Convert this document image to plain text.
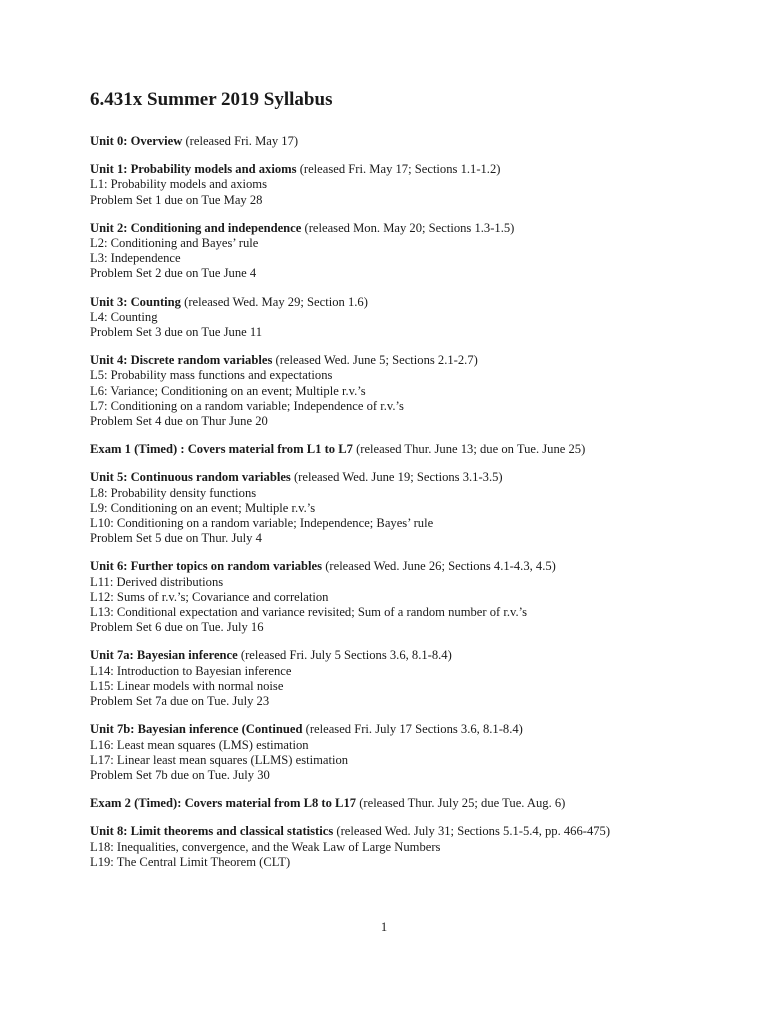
6.431x Summer 2019 Syllabus
Unit 0: Overview (released Fri. May 17)
Unit 1: Probability models and axioms (released Fri. May 17; Sections 1.1-1.2)
L1: Probability models and axioms
Problem Set 1 due on Tue May 28
Unit 2: Conditioning and independence (released Mon. May 20; Sections 1.3-1.5)
L2: Conditioning and Bayes’ rule
L3: Independence
Problem Set 2 due on Tue June 4
Unit 3: Counting (released Wed. May 29; Section 1.6)
L4: Counting
Problem Set 3 due on Tue June 11
Unit 4: Discrete random variables (released Wed. June 5; Sections 2.1-2.7)
L5: Probability mass functions and expectations
L6: Variance; Conditioning on an event; Multiple r.v.’s
L7: Conditioning on a random variable; Independence of r.v.’s
Problem Set 4 due on Thur June 20
Exam 1 (Timed) : Covers material from L1 to L7 (released Thur. June 13; due on Tue. June 25)
Unit 5: Continuous random variables (released Wed. June 19; Sections 3.1-3.5)
L8: Probability density functions
L9: Conditioning on an event; Multiple r.v.’s
L10: Conditioning on a random variable; Independence; Bayes’ rule
Problem Set 5 due on Thur. July 4
Unit 6: Further topics on random variables (released Wed. June 26; Sections 4.1-4.3, 4.5)
L11: Derived distributions
L12: Sums of r.v.’s; Covariance and correlation
L13: Conditional expectation and variance revisited; Sum of a random number of r.v.’s
Problem Set 6 due on Tue. July 16
Unit 7a: Bayesian inference (released Fri. July 5 Sections 3.6, 8.1-8.4)
L14: Introduction to Bayesian inference
L15: Linear models with normal noise
Problem Set 7a due on Tue. July 23
Unit 7b: Bayesian inference (Continued (released Fri. July 17 Sections 3.6, 8.1-8.4)
L16: Least mean squares (LMS) estimation
L17: Linear least mean squares (LLMS) estimation
Problem Set 7b due on Tue. July 30
Exam 2 (Timed): Covers material from L8 to L17 (released Thur. July 25; due Tue. Aug. 6)
Unit 8: Limit theorems and classical statistics (released Wed. July 31; Sections 5.1-5.4, pp. 466-475)
L18: Inequalities, convergence, and the Weak Law of Large Numbers
L19: The Central Limit Theorem (CLT)
1
